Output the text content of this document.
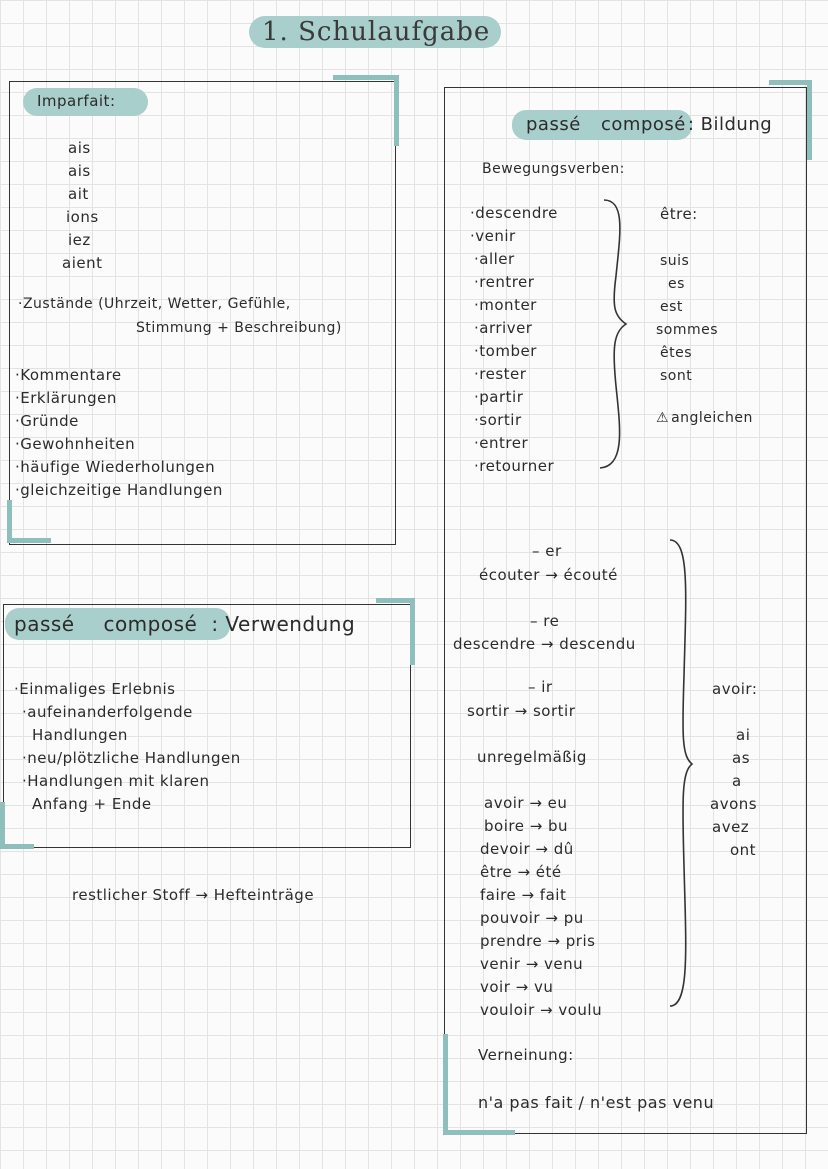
1. Schulaufgabe
Imparfait:
ais
ais
ait
ions
iez
aient
·Zustände (Uhrzeit, Wetter, Gefühle,
Stimmung + Beschreibung)
·Kommentare
·Erklärungen
·Gründe
·Gewohnheiten
·häufige Wiederholungen
·gleichzeitige Handlungen
passé composé : Verwendung
·Einmaliges Erlebnis
·aufeinanderfolgende
Handlungen
·neu/plötzliche Handlungen
·Handlungen mit klaren
Anfang + Ende
restlicher Stoff → Hefteinträge
passé composé : Bildung
Bewegungsverben:
·descendre
·venir
·aller
·rentrer
·monter
·arriver
·tomber
·rester
·partir
·sortir
·entrer
·retourner
être:
suis
es
est
sommes
êtes
sont
⚠ angleichen
– er
écouter → écouté
– re
descendre → descendu
– ir
sortir → sortir
unregelmäßig
avoir → eu
boire → bu
devoir → dû
être → été
faire → fait
pouvoir → pu
prendre → pris
venir → venu
voir → vu
vouloir → voulu
avoir:
ai
as
a
avons
avez
ont
Verneinung:
n'a pas fait / n'est pas venu
